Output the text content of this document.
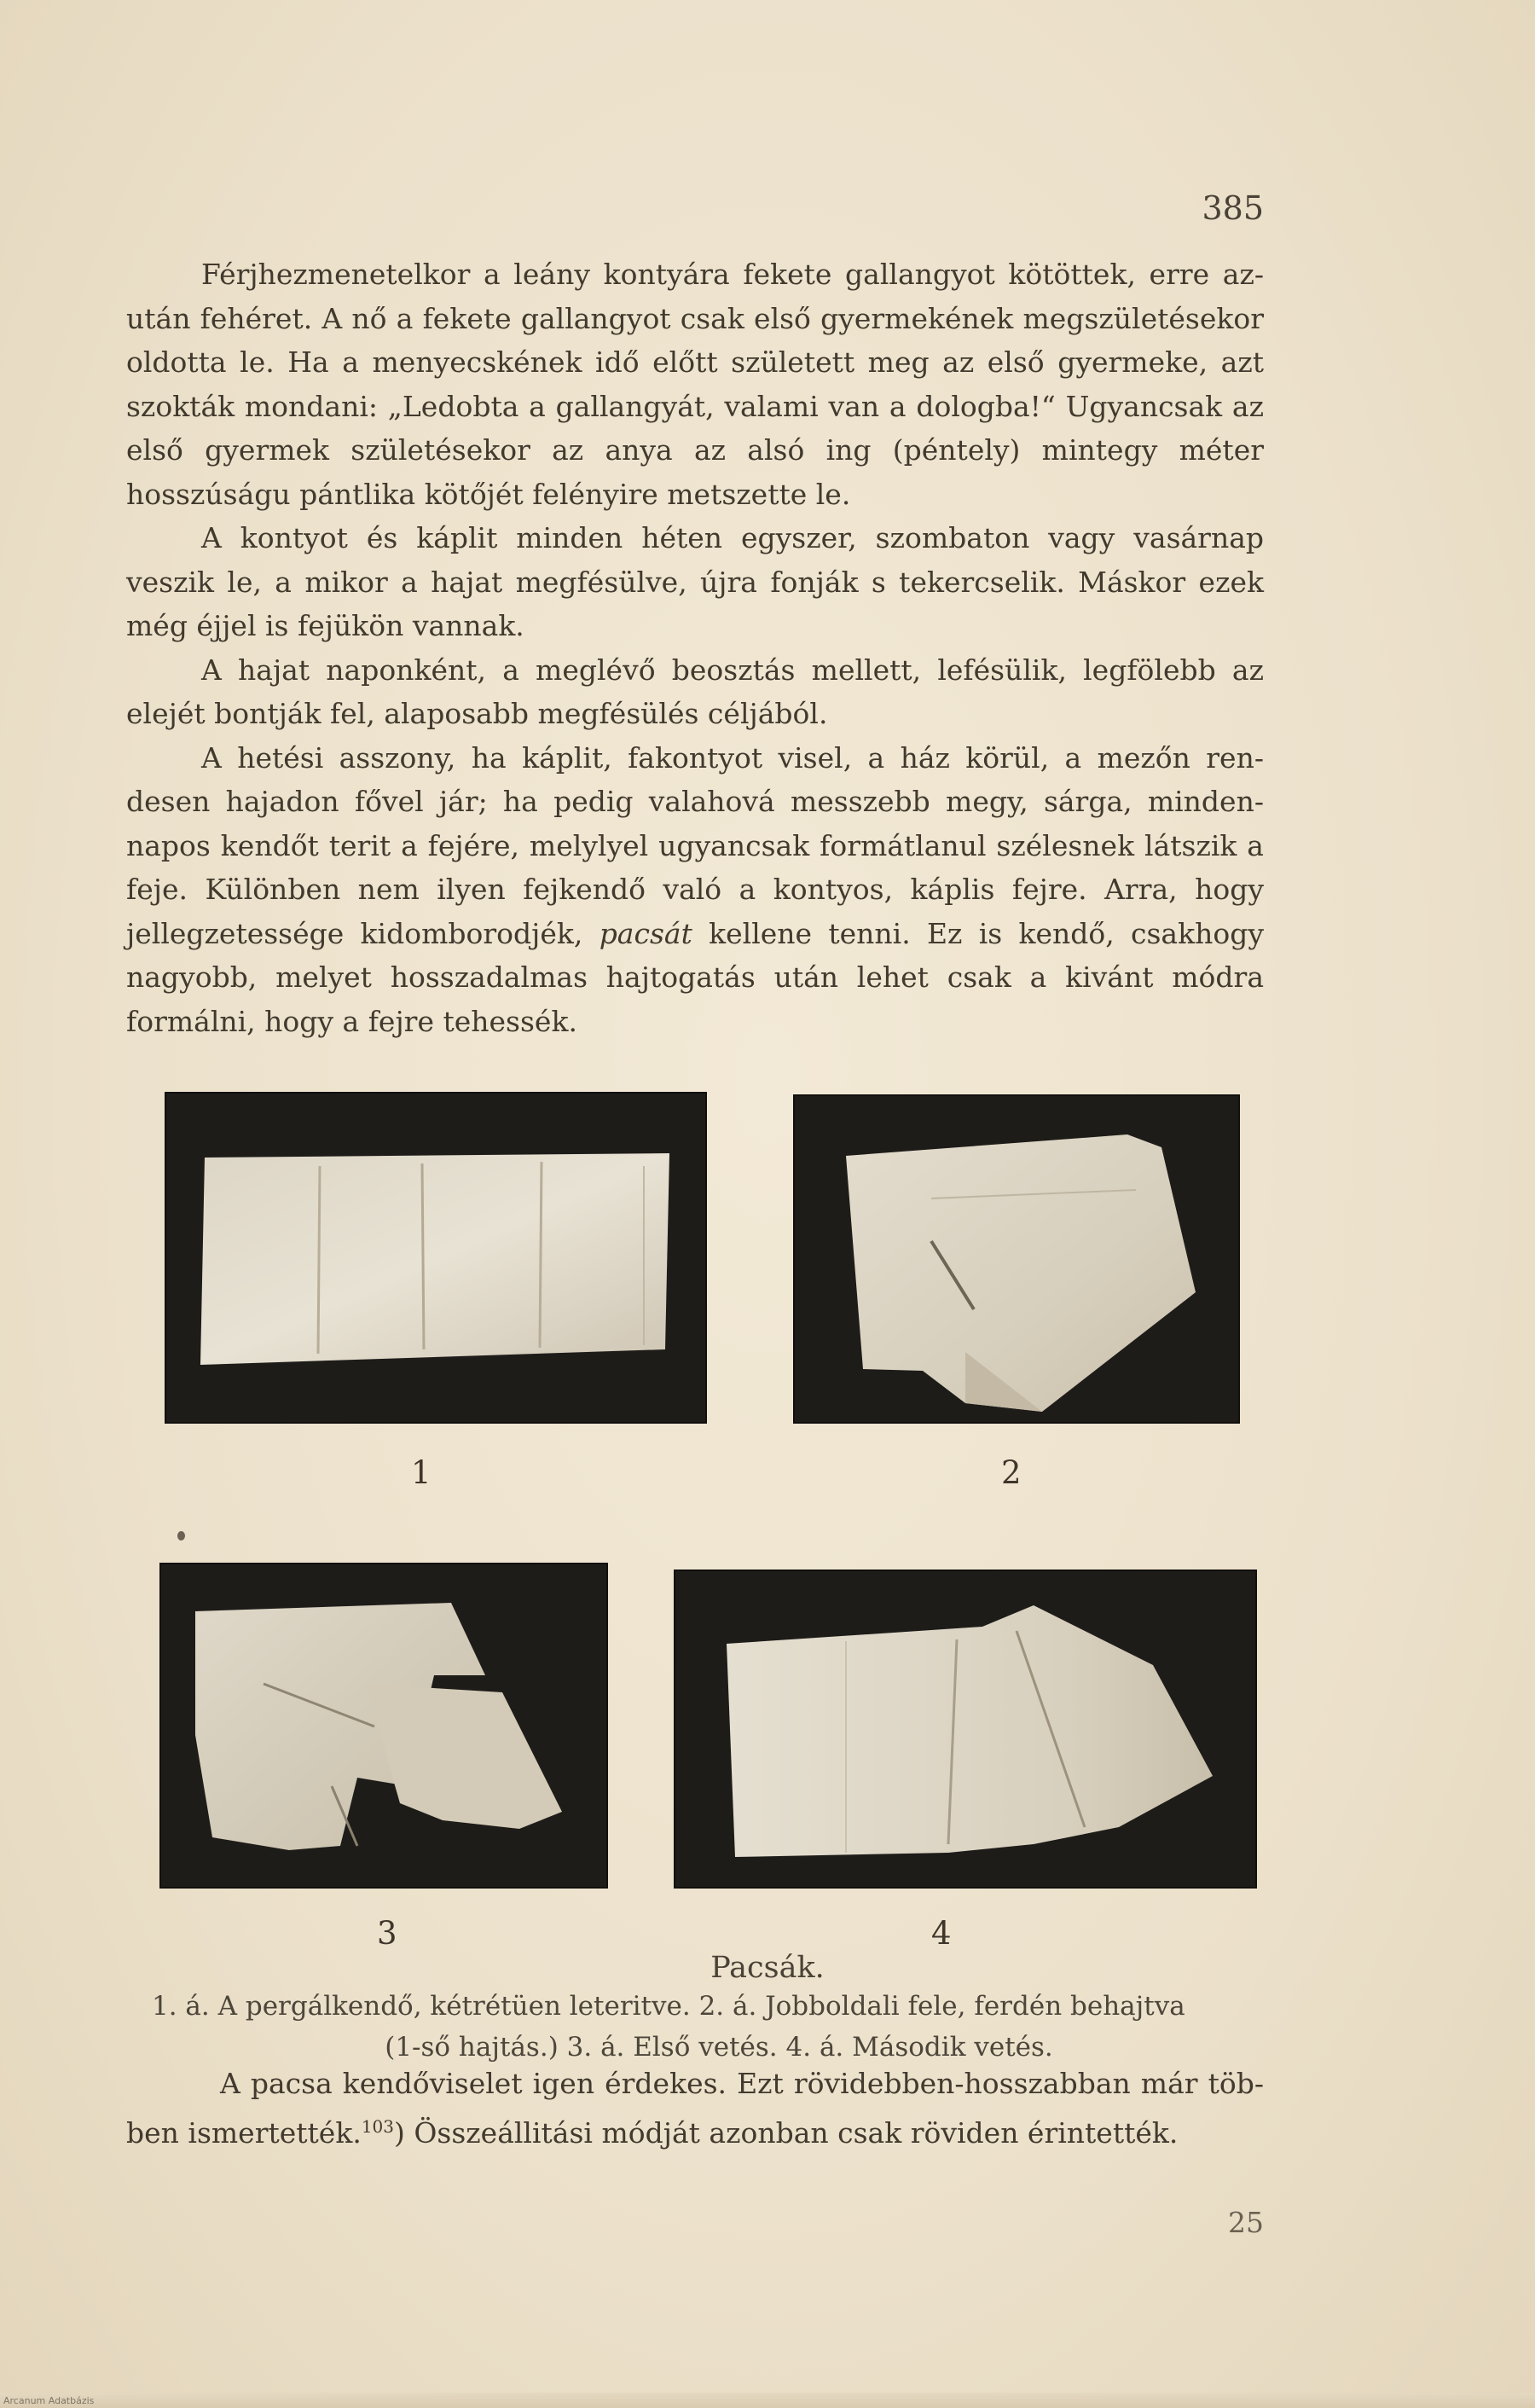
385

Férjhezmenetelkor a leány kontyára fekete gallangyot kötöttek, erre az-után fehéret. A nő a fekete gallangyot csak első gyermekének megszületésekor oldotta le. Ha a menyecskének idő előtt született meg az első gyermeke, azt szokták mondani: „Ledobta a gallangyát, valami van a dologba!“ Ugyancsak az első gyermek születésekor az anya az alsó ing (péntely) mintegy méter hosszúságu pántlika kötőjét felényire metszette le.

A kontyot és káplit minden héten egyszer, szombaton vagy vasárnap veszik le, a mikor a hajat megfésülve, újra fonják s tekercselik. Máskor ezek még éjjel is fejükön vannak.

A hajat naponként, a meglévő beosztás mellett, lefésülik, legfölebb az elejét bontják fel, alaposabb megfésülés céljából.

A hetési asszony, ha káplit, fakontyot visel, a ház körül, a mezőn ren-desen hajadon fővel jár; ha pedig valahová messzebb megy, sárga, minden-napos kendőt terit a fejére, melylyel ugyancsak formátlanul szélesnek látszik a feje. Különben nem ilyen fejkendő való a kontyos, káplis fejre. Arra, hogy jellegzetessége kidomborodjék, pacsát kellene tenni. Ez is kendő, csakhogy nagyobb, melyet hosszadalmas hajtogatás után lehet csak a kivánt módra formálni, hogy a fejre tehessék.

1	2
3	4
Pacsák.
1. á. A pergálkendő, kétrétüen leteritve. 2. á. Jobboldali fele, ferdén behajtva
(1-ső hajtás.) 3. á. Első vetés. 4. á. Második vetés.

A pacsa kendőviselet igen érdekes. Ezt rövidebben-hosszabban már töb-ben ismertették.$^{103}$) Összeállitási módját azonban csak röviden érintették.

25
Arcanum Adatbázis
